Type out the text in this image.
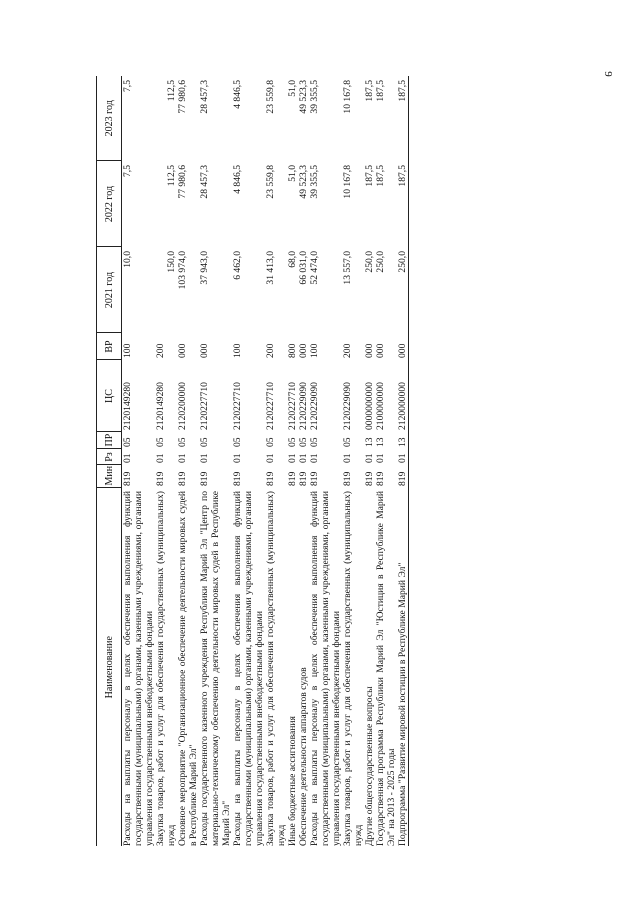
9
Наименование	Мин	Рз	ПР	ЦС	ВР	2021 год	2022 год	2023 год
Расходы на выплаты персоналу в целях обеспечения выполнения функций государственными (муниципальными) органами, казенными учреждениями, органами управления государственными внебюджетными фондами	819	01	05	2120149280	100	10,0	7,5	7,5
Закупка товаров, работ и услуг для обеспечения государственных (муниципальных) нужд	819	01	05	2120149280	200	150,0	112,5	112,5
Основное мероприятие "Организационное обеспечение деятельности мировых судей в Республике Марий Эл"	819	01	05	2120200000	000	103 974,0	77 980,6	77 980,6
Расходы государственного казенного учреждения Республики Марий Эл "Центр по материально-техническому обеспечению деятельности мировых судей в Республике Марий Эл"	819	01	05	2120227710	000	37 943,0	28 457,3	28 457,3
Расходы на выплаты персоналу в целях обеспечения выполнения функций государственными (муниципальными) органами, казенными учреждениями, органами управления государственными внебюджетными фондами	819	01	05	2120227710	100	6 462,0	4 846,5	4 846,5
Закупка товаров, работ и услуг для обеспечения государственных (муниципальных) нужд	819	01	05	2120227710	200	31 413,0	23 559,8	23 559,8
Иные бюджетные ассигнования	819	01	05	2120227710	800	68,0	51,0	51,0
Обеспечение деятельности аппаратов судов	819	01	05	2120229090	000	66 031,0	49 523,3	49 523,3
Расходы на выплаты персоналу в целях обеспечения выполнения функций государственными (муниципальными) органами, казенными учреждениями, органами управления государственными внебюджетными фондами	819	01	05	2120229090	100	52 474,0	39 355,5	39 355,5
Закупка товаров, работ и услуг для обеспечения государственных (муниципальных) нужд	819	01	05	2120229090	200	13 557,0	10 167,8	10 167,8
Другие общегосударственные вопросы	819	01	13	0000000000	000	250,0	187,5	187,5
Государственная программа Республики Марий Эл "Юстиция в Республике Марий Эл" на 2013 - 2025 годы	819	01	13	2100000000	000	250,0	187,5	187,5
Подпрограмма "Развитие мировой юстиции в Республике Марий Эл"	819	01	13	2120000000	000	250,0	187,5	187,5
